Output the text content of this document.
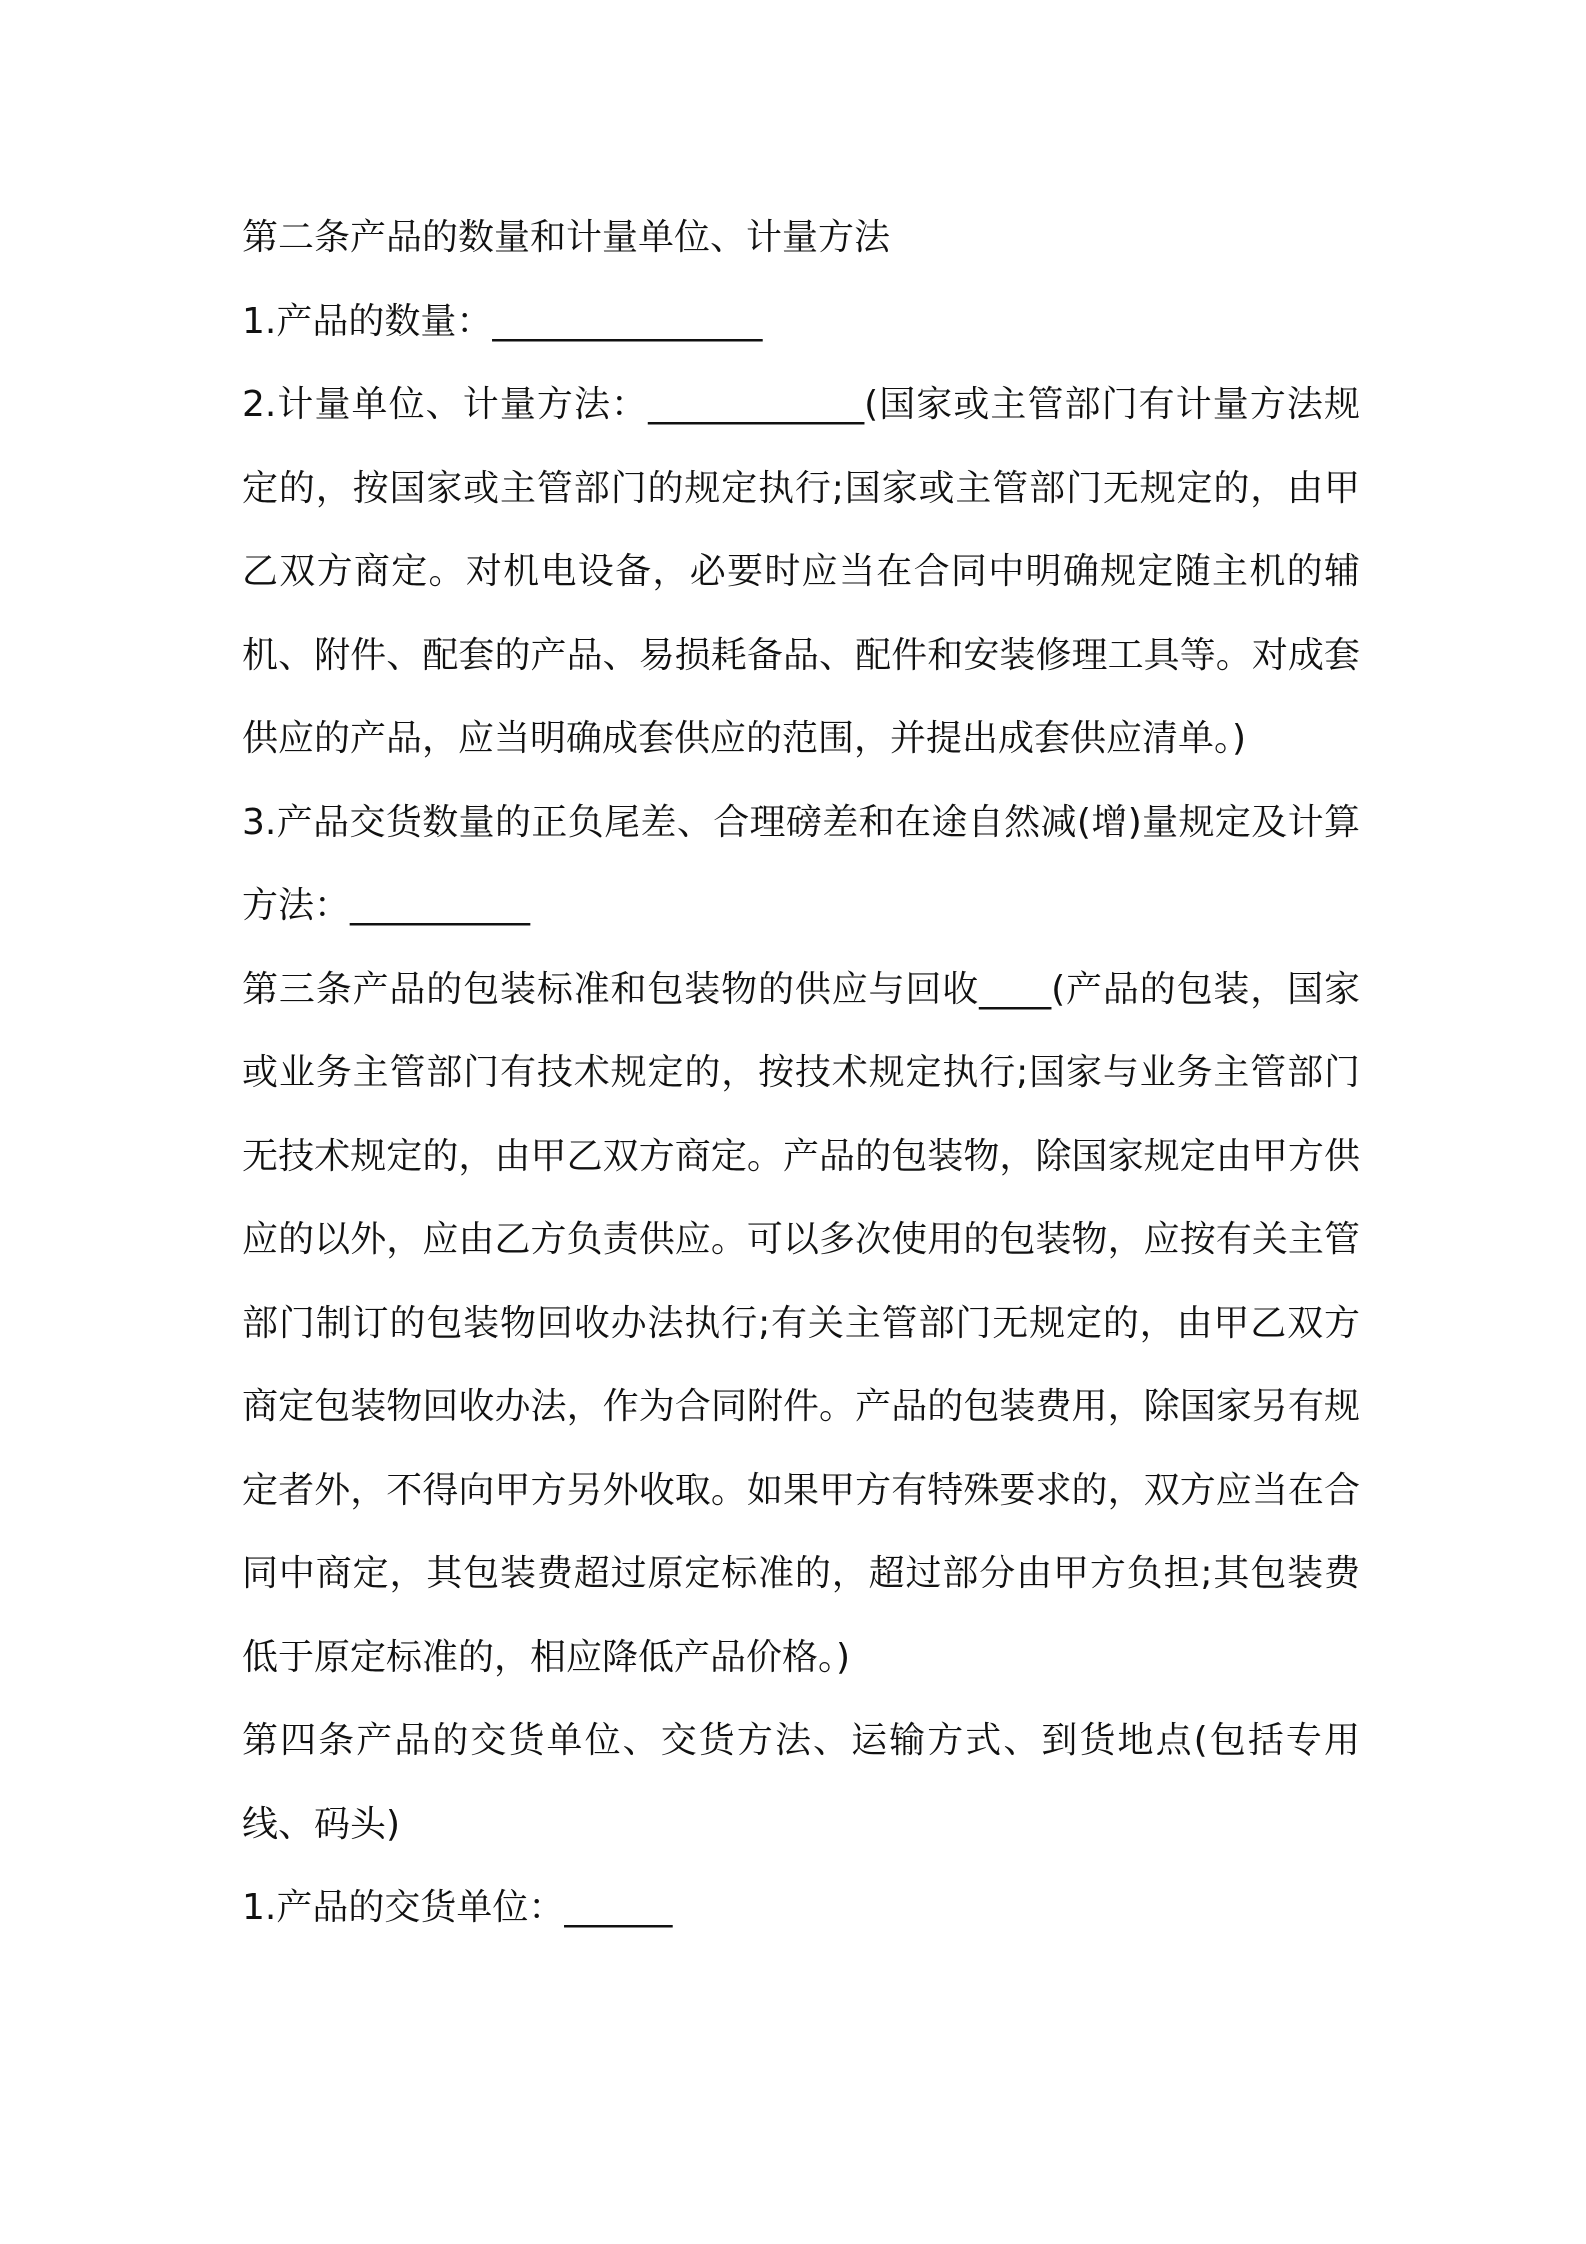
第二条产品的数量和计量单位、计量方法

1.产品的数量：_______________

2.计量单位、计量方法：____________(国家或主管部门有计量方法规定的，按国家或主管部门的规定执行;国家或主管部门无规定的，由甲乙双方商定。对机电设备，必要时应当在合同中明确规定随主机的辅机、附件、配套的产品、易损耗备品、配件和安装修理工具等。对成套供应的产品，应当明确成套供应的范围，并提出成套供应清单。)

3.产品交货数量的正负尾差、合理磅差和在途自然减(增)量规定及计算方法：__________

第三条产品的包装标准和包装物的供应与回收____(产品的包装，国家或业务主管部门有技术规定的，按技术规定执行;国家与业务主管部门无技术规定的，由甲乙双方商定。产品的包装物，除国家规定由甲方供应的以外，应由乙方负责供应。可以多次使用的包装物，应按有关主管部门制订的包装物回收办法执行;有关主管部门无规定的，由甲乙双方商定包装物回收办法，作为合同附件。产品的包装费用，除国家另有规定者外，不得向甲方另外收取。如果甲方有特殊要求的，双方应当在合同中商定，其包装费超过原定标准的，超过部分由甲方负担;其包装费低于原定标准的，相应降低产品价格。)

第四条产品的交货单位、交货方法、运输方式、到货地点(包括专用线、码头)

1.产品的交货单位：______
